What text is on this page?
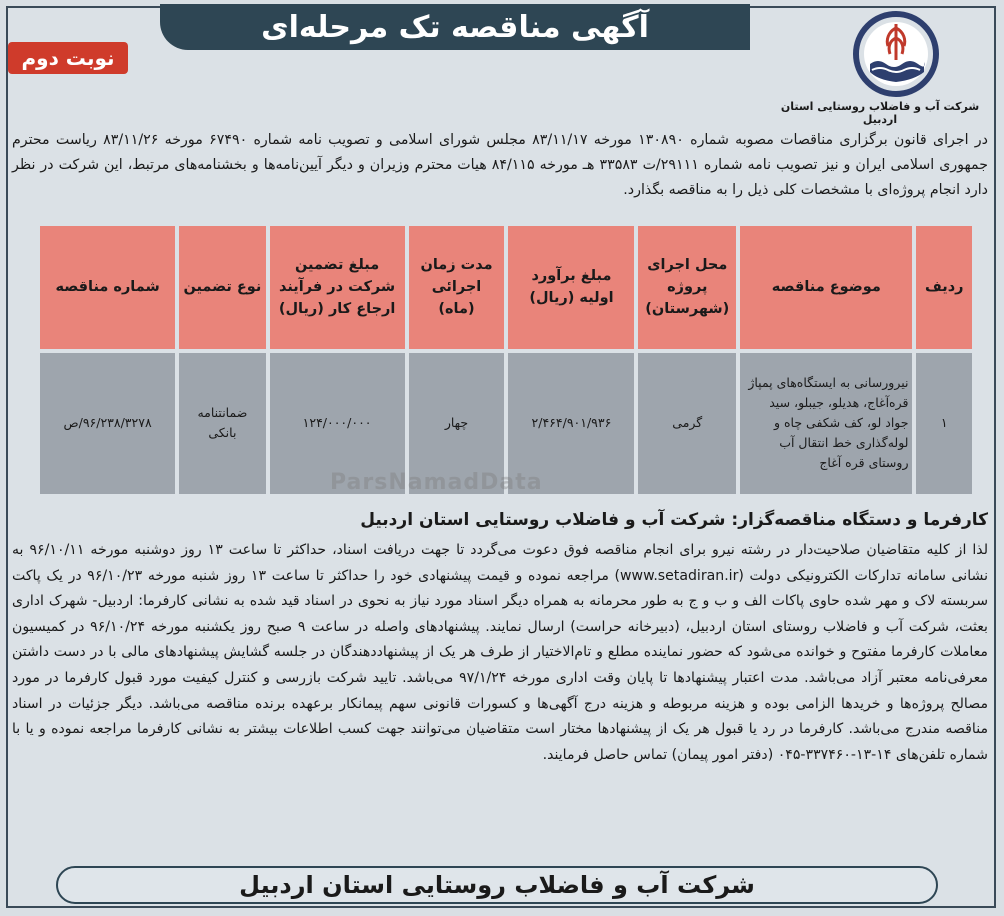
آگهی مناقصه تک مرحله‌ای
نوبت دوم
شرکت آب و فاضلاب روستایی استان اردبیل
در اجرای قانون برگزاری مناقصات مصوبه شماره ۱۳۰۸۹۰ مورخه ۸۳/۱۱/۱۷ مجلس شورای اسلامی و تصویب نامه شماره ۶۷۴۹۰ مورخه ۸۳/۱۱/۲۶ ریاست محترم جمهوری اسلامی ایران و نیز تصویب نامه شماره ۲۹۱۱۱/ت ۳۳۵۸۳ هـ مورخه ۸۴/۱۱۵ هیات محترم وزیران و دیگر آیین‌نامه‌ها و بخشنامه‌های مرتبط، این شرکت در نظر دارد انجام پروژه‌ای با مشخصات کلی ذیل را به مناقصه بگذارد.
ردیف	موضوع مناقصه	محل اجرای پروژه (شهرستان)	مبلغ برآورد اولیه (ریال)	مدت زمان اجرائی (ماه)	مبلغ تضمین شرکت در فرآیند ارجاع کار (ریال)	نوع تضمین	شماره مناقصه
۱	نیرورسانی به ایستگاه‌های پمپاژ قره‌آغاج، هدیلو، جیبلو، سید جواد لو، کف شکفی چاه و لوله‌گذاری خط انتقال آب روستای قره آغاج	گرمی	۲/۴۶۴/۹۰۱/۹۳۶	چهار	۱۲۴/۰۰۰/۰۰۰	ضمانتنامه بانکی	۹۶/۲۳۸/۳۲۷۸/ص
ParsNamadData
کارفرما و دستگاه مناقصه‌گزار: شرکت آب و فاضلاب روستایی استان اردبیل
لذا از کلیه متقاضیان صلاحیت‌دار در رشته نیرو برای انجام مناقصه فوق دعوت می‌گردد تا جهت دریافت اسناد، حداکثر تا ساعت ۱۳ روز دوشنبه مورخه ۹۶/۱۰/۱۱ به نشانی سامانه تدارکات الکترونیکی دولت (www.setadiran.ir) مراجعه نموده و قیمت پیشنهادی خود را حداکثر تا ساعت ۱۳ روز شنبه مورخه ۹۶/۱۰/۲۳ در یک پاکت سربسته لاک و مهر شده حاوی پاکات الف و ب و ج به طور محرمانه به همراه دیگر اسناد مورد نیاز به نحوی در اسناد قید شده به نشانی کارفرما: اردبیل- شهرک اداری بعثت، شرکت آب و فاضلاب روستای استان اردبیل، (دبیرخانه حراست) ارسال نمایند. پیشنهادهای واصله در ساعت ۹ صبح روز یکشنبه مورخه ۹۶/۱۰/۲۴ در کمیسیون معاملات کارفرما مفتوح و خوانده می‌شود که حضور نماینده مطلع و تام‌الاختیار از طرف هر یک از پیشنهاددهندگان در جلسه گشایش پیشنهادهای مالی با در دست داشتن معرفی‌نامه معتبر آزاد می‌باشد. مدت اعتبار پیشنهادها تا پایان وقت اداری مورخه ۹۷/۱/۲۴ می‌باشد. تایید شرکت بازرسی و کنترل کیفیت مورد قبول کارفرما در مورد مصالح پروژه‌ها و خریدها الزامی بوده و هزینه مربوطه و هزینه درج آگهی‌ها و کسورات قانونی سهم پیمانکار برعهده برنده مناقصه می‌باشد. دیگر جزئیات در اسناد مناقصه مندرج می‌باشد. کارفرما در رد یا قبول هر یک از پیشنهادها مختار است متقاضیان می‌توانند جهت کسب اطلاعات بیشتر به نشانی کارفرما مراجعه نموده و یا با شماره تلفن‌های ۱۴-۱۳-۳۳۷۴۶۰-۰۴۵ (دفتر امور پیمان) تماس حاصل فرمایند.
شرکت آب و فاضلاب روستایی استان اردبیل
